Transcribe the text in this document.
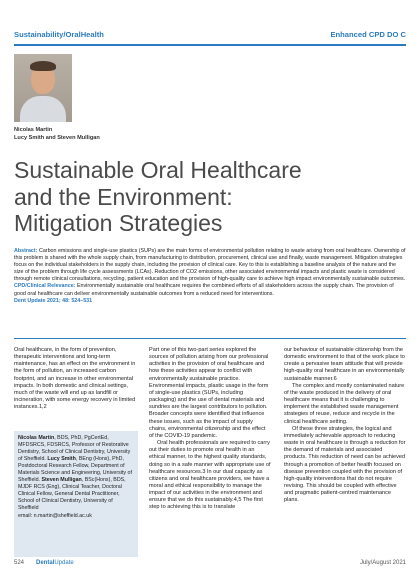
Sustainability/OralHealth	Enhanced CPD DO C
Nicolas Martin
Lucy Smith and Steven Mulligan
Sustainable Oral Healthcare
and the Environment:
Mitigation Strategies

Abstract: Carbon emissions and single-use plastics (SUPs) are the main forms of environmental pollution relating to waste arising from oral healthcare. Ownership of this problem is shared with the whole supply chain, from manufacturing to distribution, procurement, clinical use and finally, waste management. Mitigation strategies focus on the individual stakeholders in the supply chain, including the provision of clinical care. Key to this is establishing a baseline analysis of the nature and the size of the problem through life cycle assessments (LCAs). Reduction of CO2 emissions, other associated environmental impacts and plastic waste is considered through remote clinical consultations, recycling, patient education and the provision of high-quality care to achieve high impact environmentally sustainable outcomes.

CPD/Clinical Relevance: Environmentally sustainable oral healthcare requires the combined efforts of all stakeholders across the supply chain. The provision of good oral healthcare can deliver environmentally sustainable outcomes from a reduced need for interventions.

Dent Update 2021; 48: 524–531

Oral healthcare, in the form of prevention, therapeutic interventions and long-term maintenance, has an effect on the environment in the form of pollution, an increased carbon footprint, and an increase in other environmental impacts. In both domestic and clinical settings, much of the waste will end up as landfill or incineration, with some energy recovery in limited instances.1,2

Nicolas Martin, BDS, PhD, PgCertEd, MFDSRCS, FDSRCS, Professor of Restorative Dentistry, School of Clinical Dentistry, University of Sheffield. Lucy Smith, BEng (Hons), PhD, Postdoctoral Research Fellow, Department of Materials Science and Engineering, University of Sheffield. Steven Mulligan, BSc(Hons), BDS, MJDF RCS (Eng), Clinical Teacher, Doctoral Clinical Fellow, General Dental Practitioner, School of Clinical Dentistry, University of Sheffield
email: n.martin@sheffield.ac.uk

Part one of this two-part series explored the sources of pollution arising from our professional activities in the provision of oral healthcare and how these activities appear to conflict with environmentally sustainable practice. Environmental impacts, plastic usage in the form of single-use plastics (SUPs, including packaging) and the use of dental materials and sundries are the largest contributors to pollution. Broader concepts were identified that influence these issues, such as the impact of supply chains, environmental citizenship and the effect of the COVID-19 pandemic.

Oral health professionals are required to carry out their duties to promote oral health in an ethical manner, to the highest quality standards, doing so in a safe manner with appropriate use of healthcare resources.3 In our dual capacity as citizens and oral healthcare providers, we have a moral and ethical responsibility to manage the impact of our activities in the environment and ensure that we do this sustainably.4,5 The first step to achieving this is to translate

our behaviour of sustainable citizenship from the domestic environment to that of the work place to create a pervasive team attitude that will provide high-quality oral healthcare in an environmentally sustainable manner.6

The complex and mostly contaminated nature of the waste produced in the delivery of oral healthcare means that it is challenging to implement the established waste management strategies of reuse, reduce and recycle in the clinical healthcare setting.

Of these three strategies, the logical and immediately achievable approach to reducing waste in oral healthcare is through a reduction for the demand of materials and associated products. This reduction of need can be achieved through a promotion of better health focused on disease prevention coupled with the provision of high-quality interventions that do not require revising. This should be coupled with effective and pragmatic patient-centred maintenance plans.

524 DentalUpdate	July/August 2021
